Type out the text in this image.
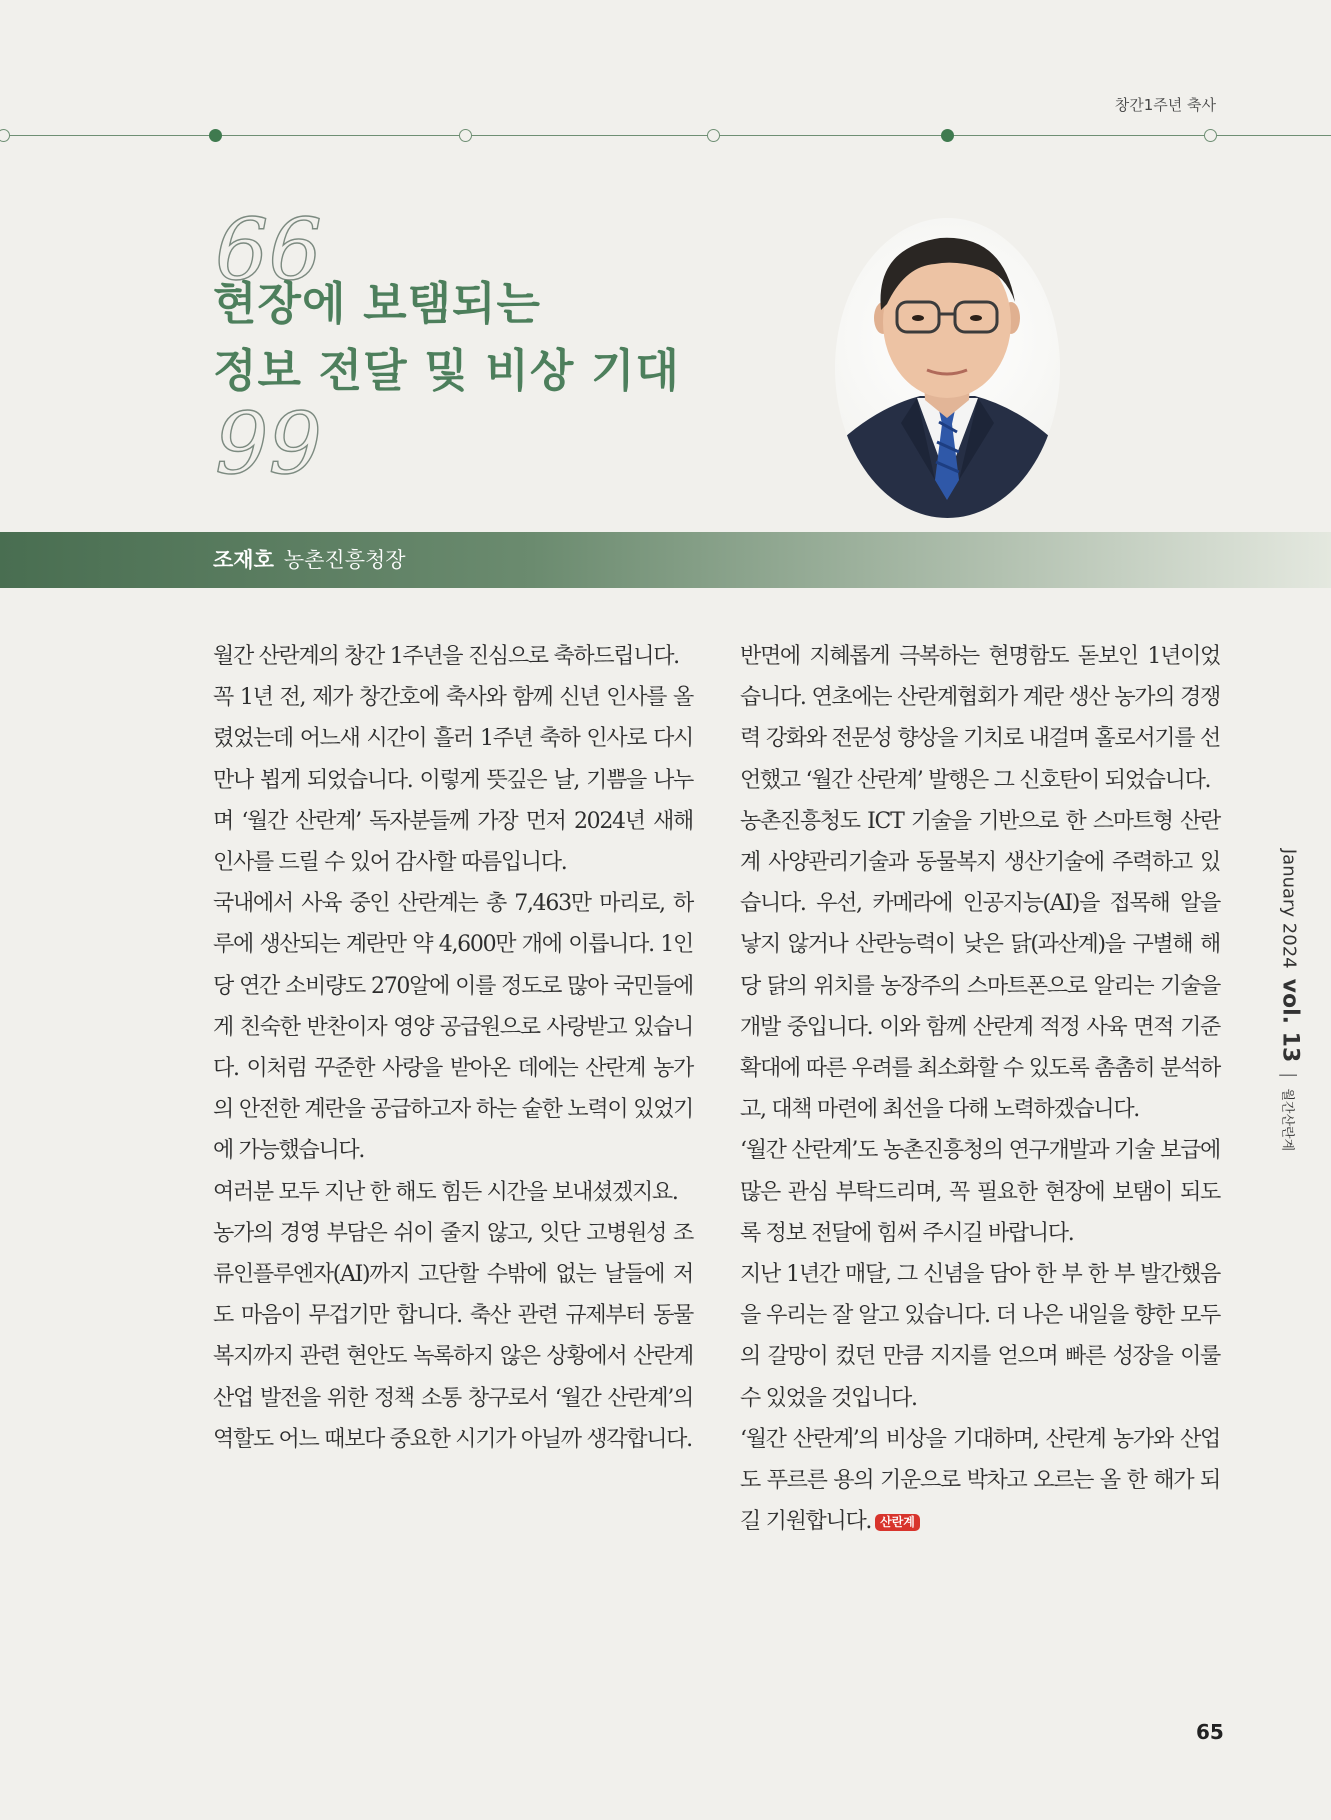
창간1주년 축사
66
현장에 보탬되는
정보 전달 및 비상 기대
99
조재호 농촌진흥청장

월간 산란계의 창간 1주년을 진심으로 축하드립니다.

꼭 1년 전, 제가 창간호에 축사와 함께 신년 인사를 올렸었는데 어느새 시간이 흘러 1주년 축하 인사로 다시 만나 뵙게 되었습니다. 이렇게 뜻깊은 날, 기쁨을 나누며 ‘월간 산란계’ 독자분들께 가장 먼저 2024년 새해 인사를 드릴 수 있어 감사할 따름입니다.

국내에서 사육 중인 산란계는 총 7,463만 마리로, 하루에 생산되는 계란만 약 4,600만 개에 이릅니다. 1인당 연간 소비량도 270알에 이를 정도로 많아 국민들에게 친숙한 반찬이자 영양 공급원으로 사랑받고 있습니다. 이처럼 꾸준한 사랑을 받아온 데에는 산란계 농가의 안전한 계란을 공급하고자 하는 숱한 노력이 있었기에 가능했습니다.

여러분 모두 지난 한 해도 힘든 시간을 보내셨겠지요.

농가의 경영 부담은 쉬이 줄지 않고, 잇단 고병원성 조류인플루엔자(AI)까지 고단할 수밖에 없는 날들에 저도 마음이 무겁기만 합니다. 축산 관련 규제부터 동물복지까지 관련 현안도 녹록하지 않은 상황에서 산란계 산업 발전을 위한 정책 소통 창구로서 ‘월간 산란계’의 역할도 어느 때보다 중요한 시기가 아닐까 생각합니다.

반면에 지혜롭게 극복하는 현명함도 돋보인 1년이었습니다. 연초에는 산란계협회가 계란 생산 농가의 경쟁력 강화와 전문성 향상을 기치로 내걸며 홀로서기를 선언했고 ‘월간 산란계’ 발행은 그 신호탄이 되었습니다.

농촌진흥청도 ICT 기술을 기반으로 한 스마트형 산란계 사양관리기술과 동물복지 생산기술에 주력하고 있습니다. 우선, 카메라에 인공지능(AI)을 접목해 알을 낳지 않거나 산란능력이 낮은 닭(과산계)을 구별해 해당 닭의 위치를 농장주의 스마트폰으로 알리는 기술을 개발 중입니다. 이와 함께 산란계 적정 사육 면적 기준 확대에 따른 우려를 최소화할 수 있도록 촘촘히 분석하고, 대책 마련에 최선을 다해 노력하겠습니다.

‘월간 산란계’도 농촌진흥청의 연구개발과 기술 보급에 많은 관심 부탁드리며, 꼭 필요한 현장에 보탬이 되도록 정보 전달에 힘써 주시길 바랍니다.

지난 1년간 매달, 그 신념을 담아 한 부 한 부 발간했음을 우리는 잘 알고 있습니다. 더 나은 내일을 향한 모두의 갈망이 컸던 만큼 지지를 얻으며 빠른 성장을 이룰 수 있었을 것입니다.

‘월간 산란계’의 비상을 기대하며, 산란계 농가와 산업도 푸르른 용의 기운으로 박차고 오르는 올 한 해가 되길 기원합니다. 산란계

January 2024vol. 13|월간산란계
65
